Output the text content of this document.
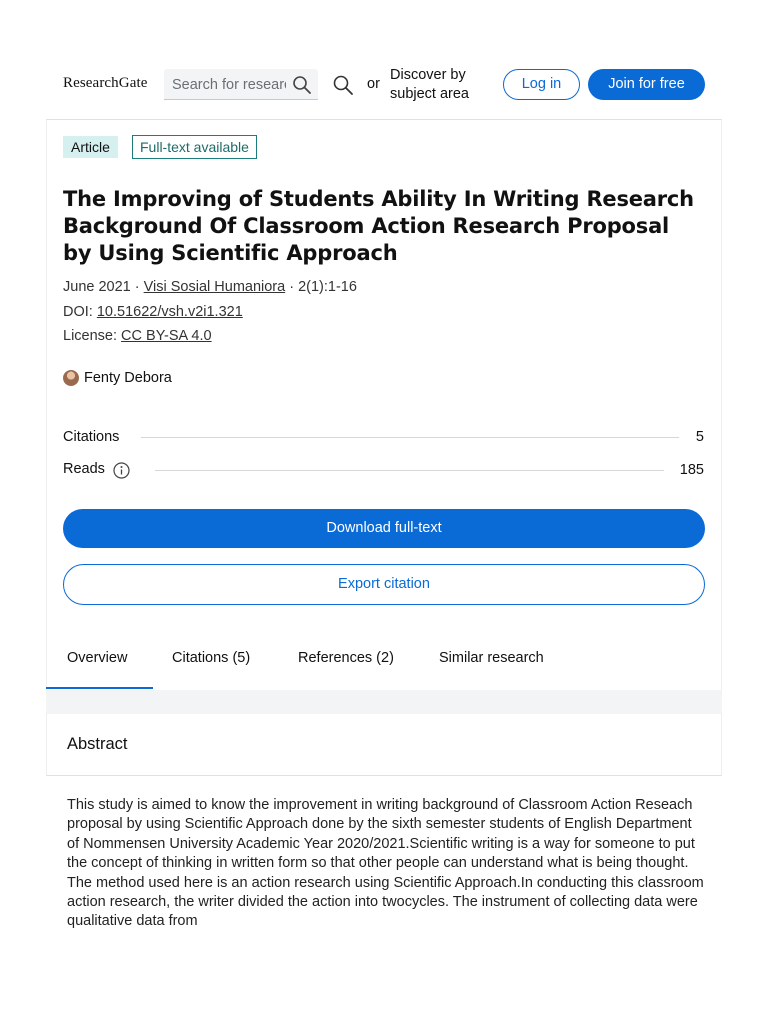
ResearchGate
Search for research	or
Discover by subject area
Log in	Join for free
Article	Full-text available
The Improving of Students Ability In Writing Research Background Of Classroom Action Research Proposal by Using Scientific Approach
June 2021 · Visi Sosial Humaniora · 2(1):1-16
DOI: 10.51622/vsh.v2i1.321
License: CC BY-SA 4.0
Fenty Debora
Citations	5
Reads	185
Download full-text
Export citation
Overview	Citations (5)	References (2)	Similar research
Abstract
This study is aimed to know the improvement in writing background of Classroom Action Reseach proposal by using Scientific Approach done by the sixth semester students of English Department of Nommensen University Academic Year 2020/2021.Scientific writing is a way for someone to put the concept of thinking in written form so that other people can understand what is being thought. The method used here is an action research using Scientific Approach.In conducting this classroom action research, the writer divided the action into twocycles. The instrument of collecting data were qualitative data from
